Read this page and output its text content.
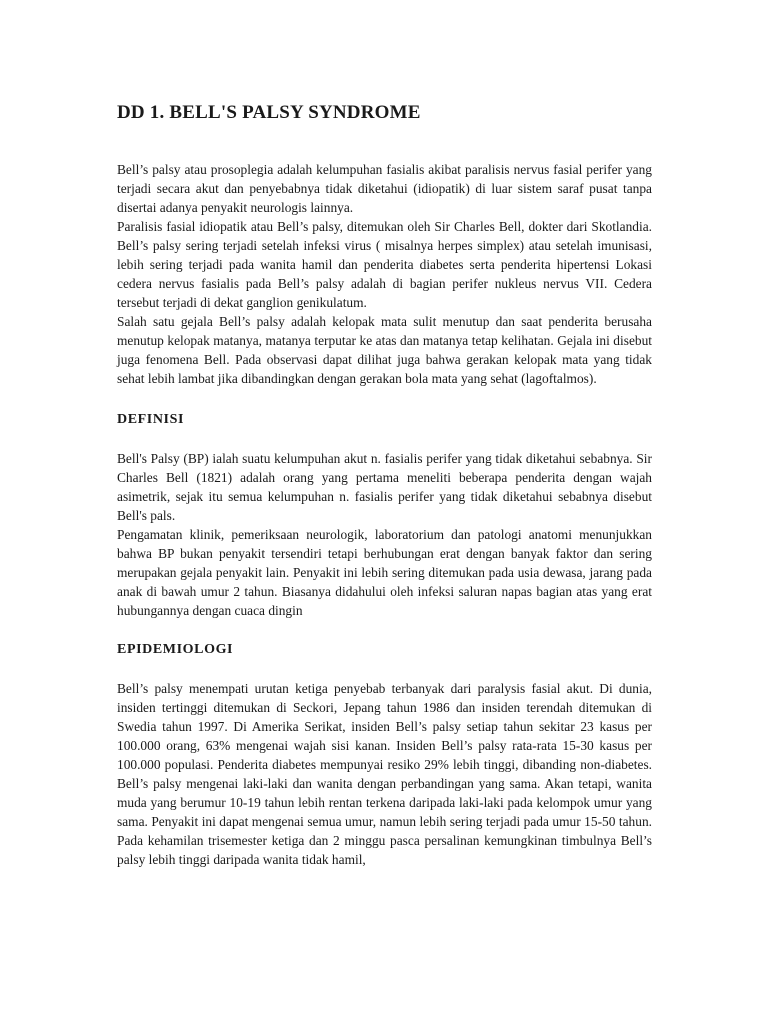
DD 1. BELL'S PALSY SYNDROME

Bell’s palsy atau prosoplegia adalah kelumpuhan fasialis akibat paralisis nervus fasial perifer yang terjadi secara akut dan penyebabnya tidak diketahui (idiopatik) di luar sistem saraf pusat tanpa disertai adanya penyakit neurologis lainnya.

Paralisis fasial idiopatik atau Bell’s palsy, ditemukan oleh Sir Charles Bell, dokter dari Skotlandia. Bell’s palsy sering terjadi setelah infeksi virus ( misalnya herpes simplex) atau setelah imunisasi, lebih sering terjadi pada wanita hamil dan penderita diabetes serta penderita hipertensi Lokasi cedera nervus fasialis pada Bell’s palsy adalah di bagian perifer nukleus nervus VII. Cedera tersebut terjadi di dekat ganglion genikulatum.

Salah satu gejala Bell’s palsy adalah kelopak mata sulit menutup dan saat penderita berusaha menutup kelopak matanya, matanya terputar ke atas dan matanya tetap kelihatan. Gejala ini disebut juga fenomena Bell. Pada observasi dapat dilihat juga bahwa gerakan kelopak mata yang tidak sehat lebih lambat jika dibandingkan dengan gerakan bola mata yang sehat (lagoftalmos).

DEFINISI

Bell's Palsy (BP) ialah suatu kelumpuhan akut n. fasialis perifer yang tidak diketahui sebabnya. Sir Charles Bell (1821) adalah orang yang pertama meneliti beberapa penderita dengan wajah asimetrik, sejak itu semua kelumpuhan n. fasialis perifer yang tidak diketahui sebabnya disebut Bell's pals.

Pengamatan klinik, pemeriksaan neurologik, laboratorium dan patologi anatomi menunjukkan bahwa BP bukan penyakit tersendiri tetapi berhubungan erat dengan banyak faktor dan sering merupakan gejala penyakit lain. Penyakit ini lebih sering ditemukan pada usia dewasa, jarang pada anak di bawah umur 2 tahun. Biasanya didahului oleh infeksi saluran napas bagian atas yang erat hubungannya dengan cuaca dingin

EPIDEMIOLOGI

Bell’s palsy menempati urutan ketiga penyebab terbanyak dari paralysis fasial akut. Di dunia, insiden tertinggi ditemukan di Seckori, Jepang tahun 1986 dan insiden terendah ditemukan di Swedia tahun 1997. Di Amerika Serikat, insiden Bell’s palsy setiap tahun sekitar 23 kasus per 100.000 orang, 63% mengenai wajah sisi kanan. Insiden Bell’s palsy rata-rata 15-30 kasus per 100.000 populasi. Penderita diabetes mempunyai resiko 29% lebih tinggi, dibanding non-diabetes. Bell’s palsy mengenai laki-laki dan wanita dengan perbandingan yang sama. Akan tetapi, wanita muda yang berumur 10-19 tahun lebih rentan terkena daripada laki-laki pada kelompok umur yang sama. Penyakit ini dapat mengenai semua umur, namun lebih sering terjadi pada umur 15-50 tahun. Pada kehamilan trisemester ketiga dan 2 minggu pasca persalinan kemungkinan timbulnya Bell’s palsy lebih tinggi daripada wanita tidak hamil,
